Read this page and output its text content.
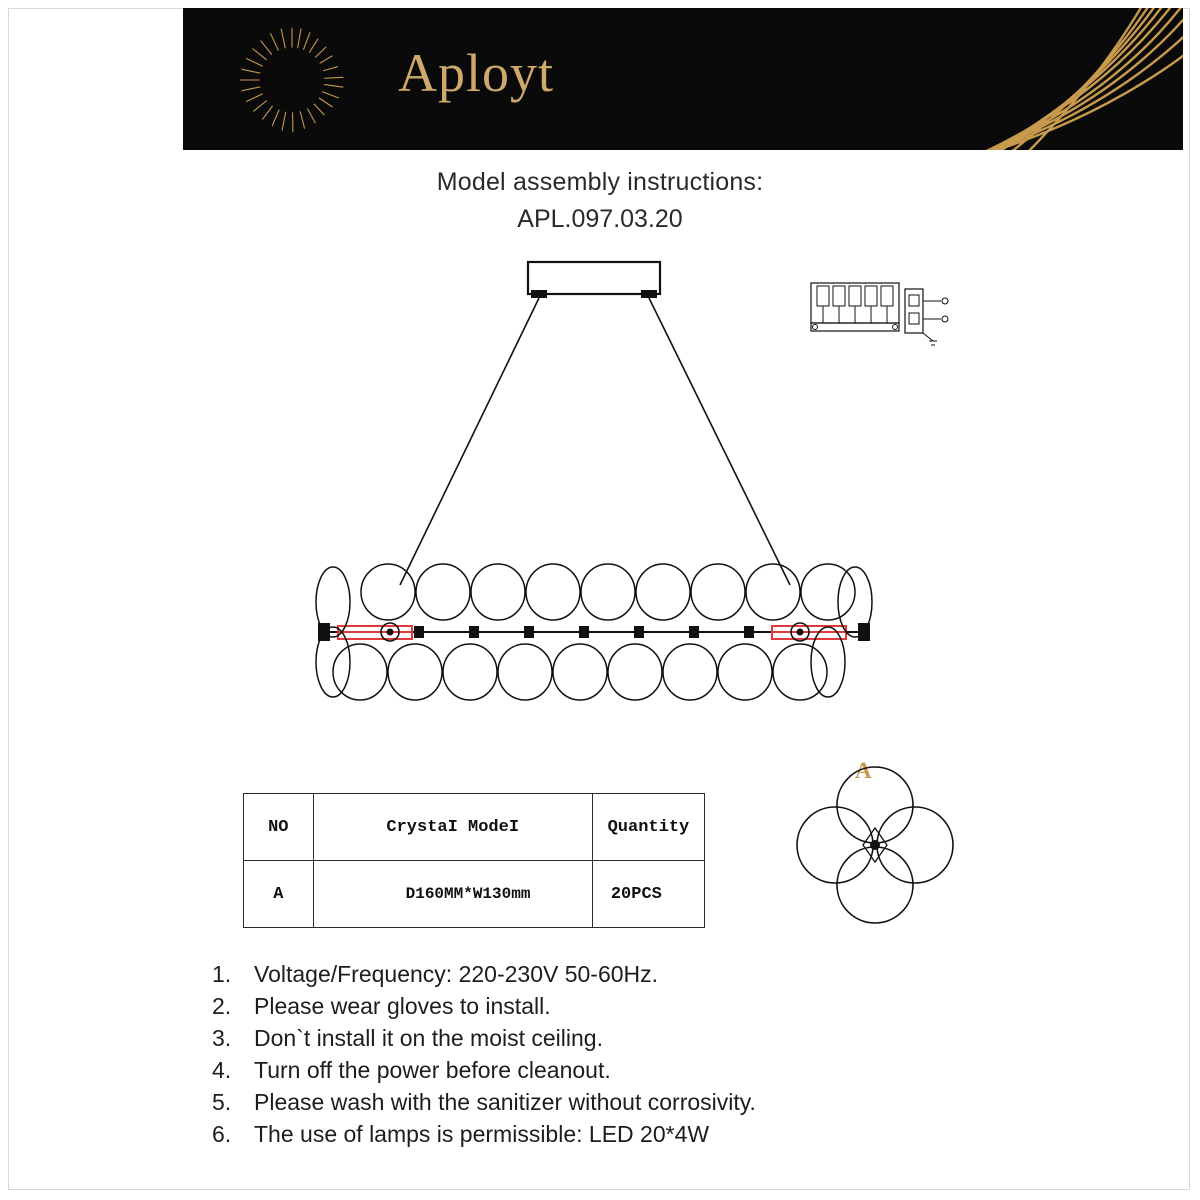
Aployt
Model assembly instructions:
APL.097.03.20
NO	CrystaI ModeI	Quantity
A	D160MM*W130mm	20PCS
A
1. Voltage/Frequency: 220-230V 50-60Hz.
2. Please wear gloves to install.
3. Don`t install it on the moist ceiling.
4. Turn off the power before cleanout.
5. Please wash with the sanitizer without corrosivity.
6. The use of lamps is permissible: LED 20*4W
